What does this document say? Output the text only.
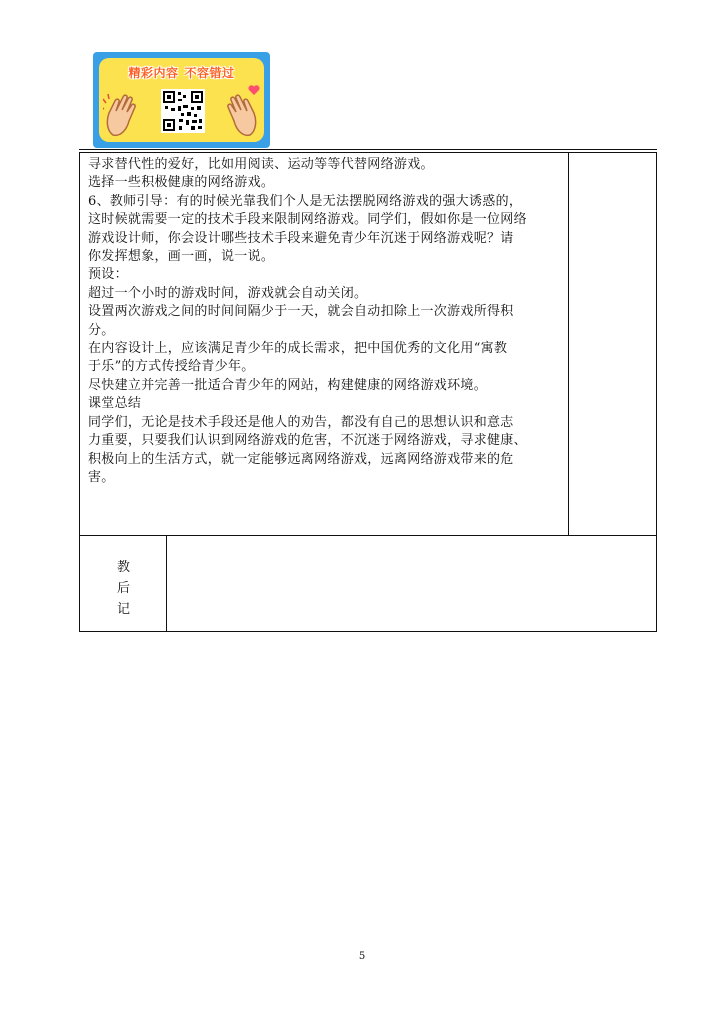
精彩内容 不容错过
寻求替代性的爱好，比如用阅读、运动等等代替网络游戏。
选择一些积极健康的网络游戏。
6、教师引导：有的时候光靠我们个人是无法摆脱网络游戏的强大诱惑的，
这时候就需要一定的技术手段来限制网络游戏。同学们，假如你是一位网络
游戏设计师，你会设计哪些技术手段来避免青少年沉迷于网络游戏呢？请
你发挥想象，画一画，说一说。
预设：
超过一个小时的游戏时间，游戏就会自动关闭。
设置两次游戏之间的时间间隔少于一天，就会自动扣除上一次游戏所得积
分。
在内容设计上，应该满足青少年的成长需求，把中国优秀的文化用“寓教
于乐”的方式传授给青少年。
尽快建立并完善一批适合青少年的网站，构建健康的网络游戏环境。
课堂总结
同学们，无论是技术手段还是他人的劝告，都没有自己的思想认识和意志
力重要，只要我们认识到网络游戏的危害，不沉迷于网络游戏，寻求健康、
积极向上的生活方式，就一定能够远离网络游戏，远离网络游戏带来的危
害。
教
后
记
5
